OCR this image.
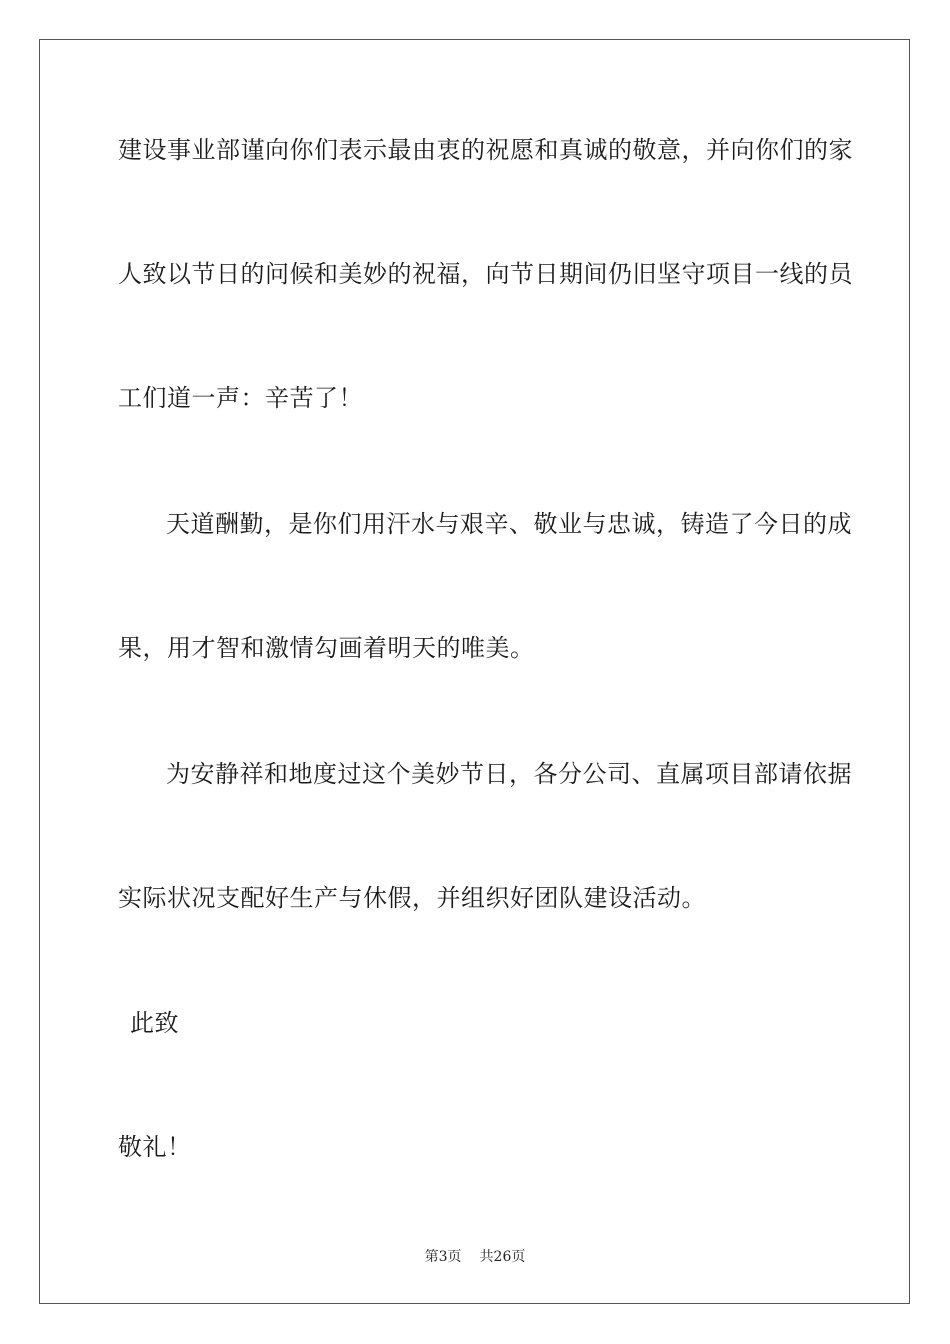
建设事业部谨向你们表示最由衷的祝愿和真诚的敬意，并向你们的家
人致以节日的问候和美妙的祝福，向节日期间仍旧坚守项目一线的员
工们道一声：辛苦了！
天道酬勤，是你们用汗水与艰辛、敬业与忠诚，铸造了今日的成
果，用才智和激情勾画着明天的唯美。
为安静祥和地度过这个美妙节日，各分公司、直属项目部请依据
实际状况支配好生产与休假，并组织好团队建设活动。
此致
敬礼！
第3页 共26页
